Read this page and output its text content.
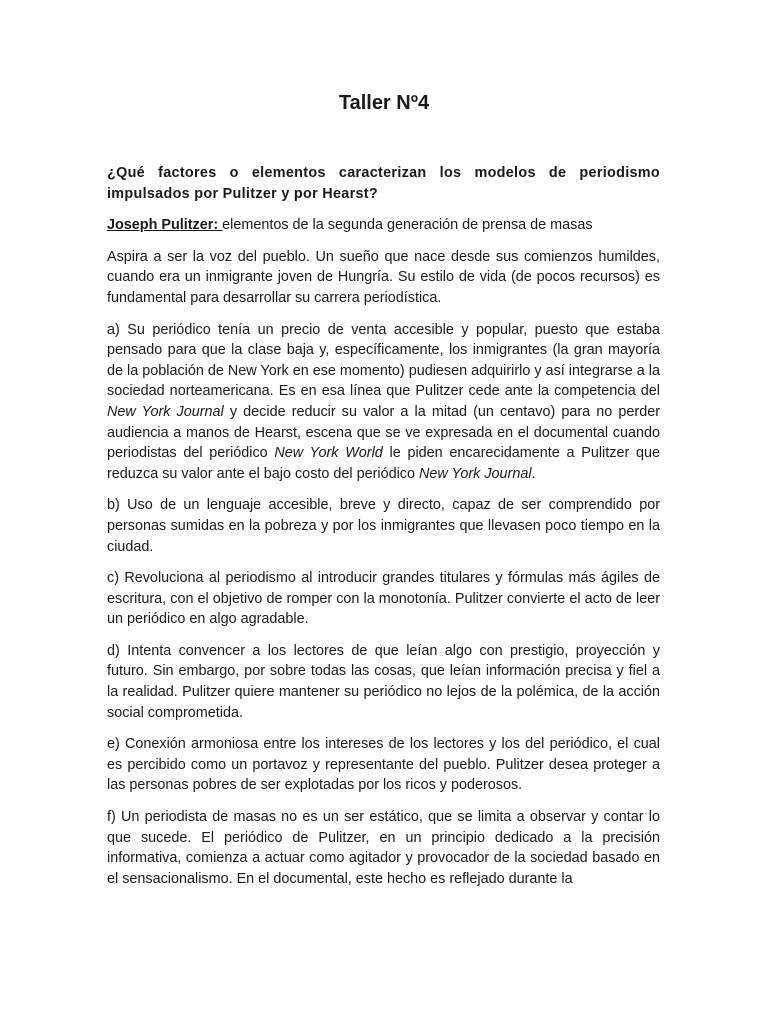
Taller Nº4

¿Qué factores o elementos caracterizan los modelos de periodismo impulsados por Pulitzer y por Hearst?

Joseph Pulitzer: elementos de la segunda generación de prensa de masas

Aspira a ser la voz del pueblo. Un sueño que nace desde sus comienzos humildes, cuando era un inmigrante joven de Hungría. Su estilo de vida (de pocos recursos) es fundamental para desarrollar su carrera periodística.

a) Su periódico tenía un precio de venta accesible y popular, puesto que estaba pensado para que la clase baja y, específicamente, los inmigrantes (la gran mayoría de la población de New York en ese momento) pudiesen adquirirlo y así integrarse a la sociedad norteamericana. Es en esa línea que Pulitzer cede ante la competencia del New York Journal y decide reducir su valor a la mitad (un centavo) para no perder audiencia a manos de Hearst, escena que se ve expresada en el documental cuando periodistas del periódico New York World le piden encarecidamente a Pulitzer que reduzca su valor ante el bajo costo del periódico New York Journal.

b) Uso de un lenguaje accesible, breve y directo, capaz de ser comprendido por personas sumidas en la pobreza y por los inmigrantes que llevasen poco tiempo en la ciudad.

c) Revoluciona al periodismo al introducir grandes titulares y fórmulas más ágiles de escritura, con el objetivo de romper con la monotonía. Pulitzer convierte el acto de leer un periódico en algo agradable.

d) Intenta convencer a los lectores de que leían algo con prestigio, proyección y futuro. Sin embargo, por sobre todas las cosas, que leían información precisa y fiel a la realidad. Pulitzer quiere mantener su periódico no lejos de la polémica, de la acción social comprometida.

e) Conexión armoniosa entre los intereses de los lectores y los del periódico, el cual es percibido como un portavoz y representante del pueblo. Pulitzer desea proteger a las personas pobres de ser explotadas por los ricos y poderosos.

f) Un periodista de masas no es un ser estático, que se limita a observar y contar lo que sucede. El periódico de Pulitzer, en un principio dedicado a la precisión informativa, comienza a actuar como agitador y provocador de la sociedad basado en el sensacionalismo. En el documental, este hecho es reflejado durante la
